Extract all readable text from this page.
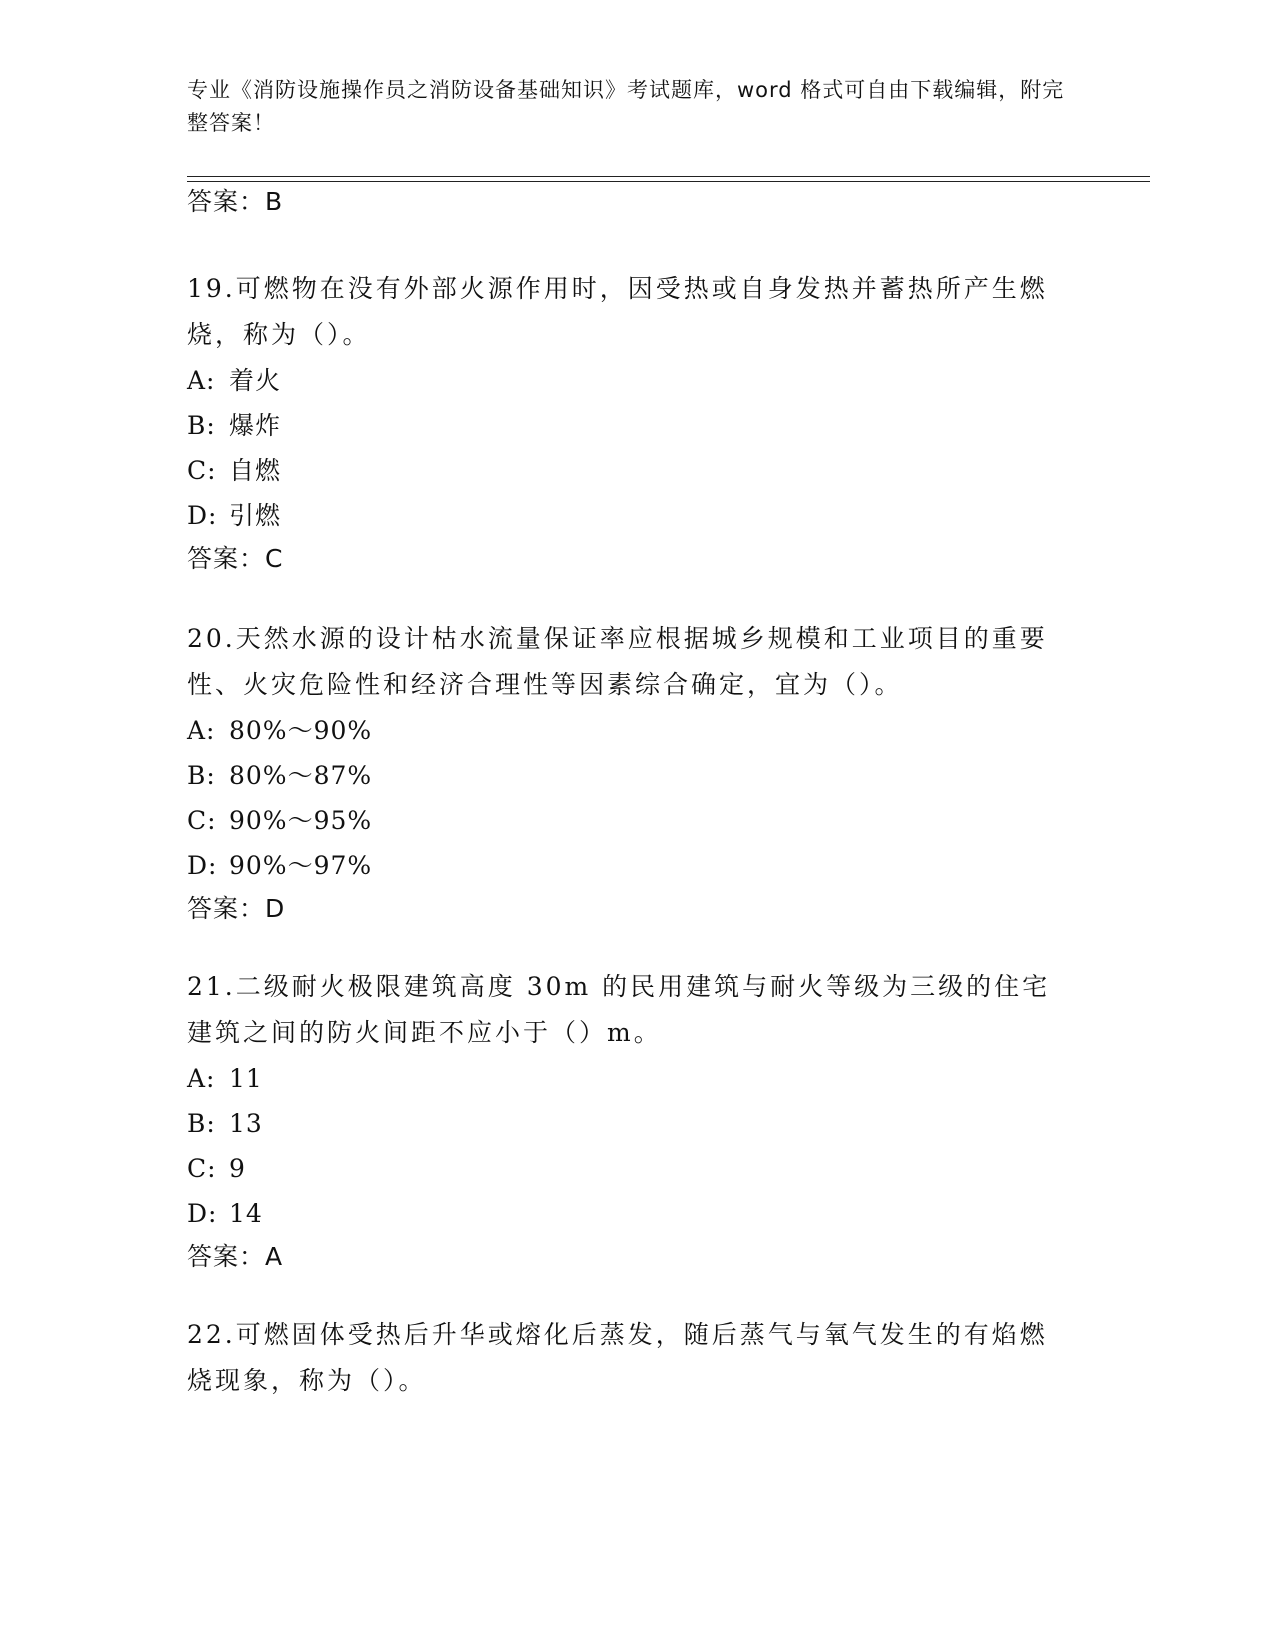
专业《消防设施操作员之消防设备基础知识》考试题库，word 格式可自由下载编辑，附完整答案！
答案：B
19.可燃物在没有外部火源作用时，因受热或自身发热并蓄热所产生燃烧，称为（）。
A: 着火
B: 爆炸
C: 自燃
D: 引燃
答案：C
20.天然水源的设计枯水流量保证率应根据城乡规模和工业项目的重要性、火灾危险性和经济合理性等因素综合确定，宜为（）。
A: 80%～90%
B: 80%～87%
C: 90%～95%
D: 90%～97%
答案：D
21.二级耐火极限建筑高度 30m 的民用建筑与耐火等级为三级的住宅建筑之间的防火间距不应小于（）m。
A: 11
B: 13
C: 9
D: 14
答案：A
22.可燃固体受热后升华或熔化后蒸发，随后蒸气与氧气发生的有焰燃烧现象，称为（）。
